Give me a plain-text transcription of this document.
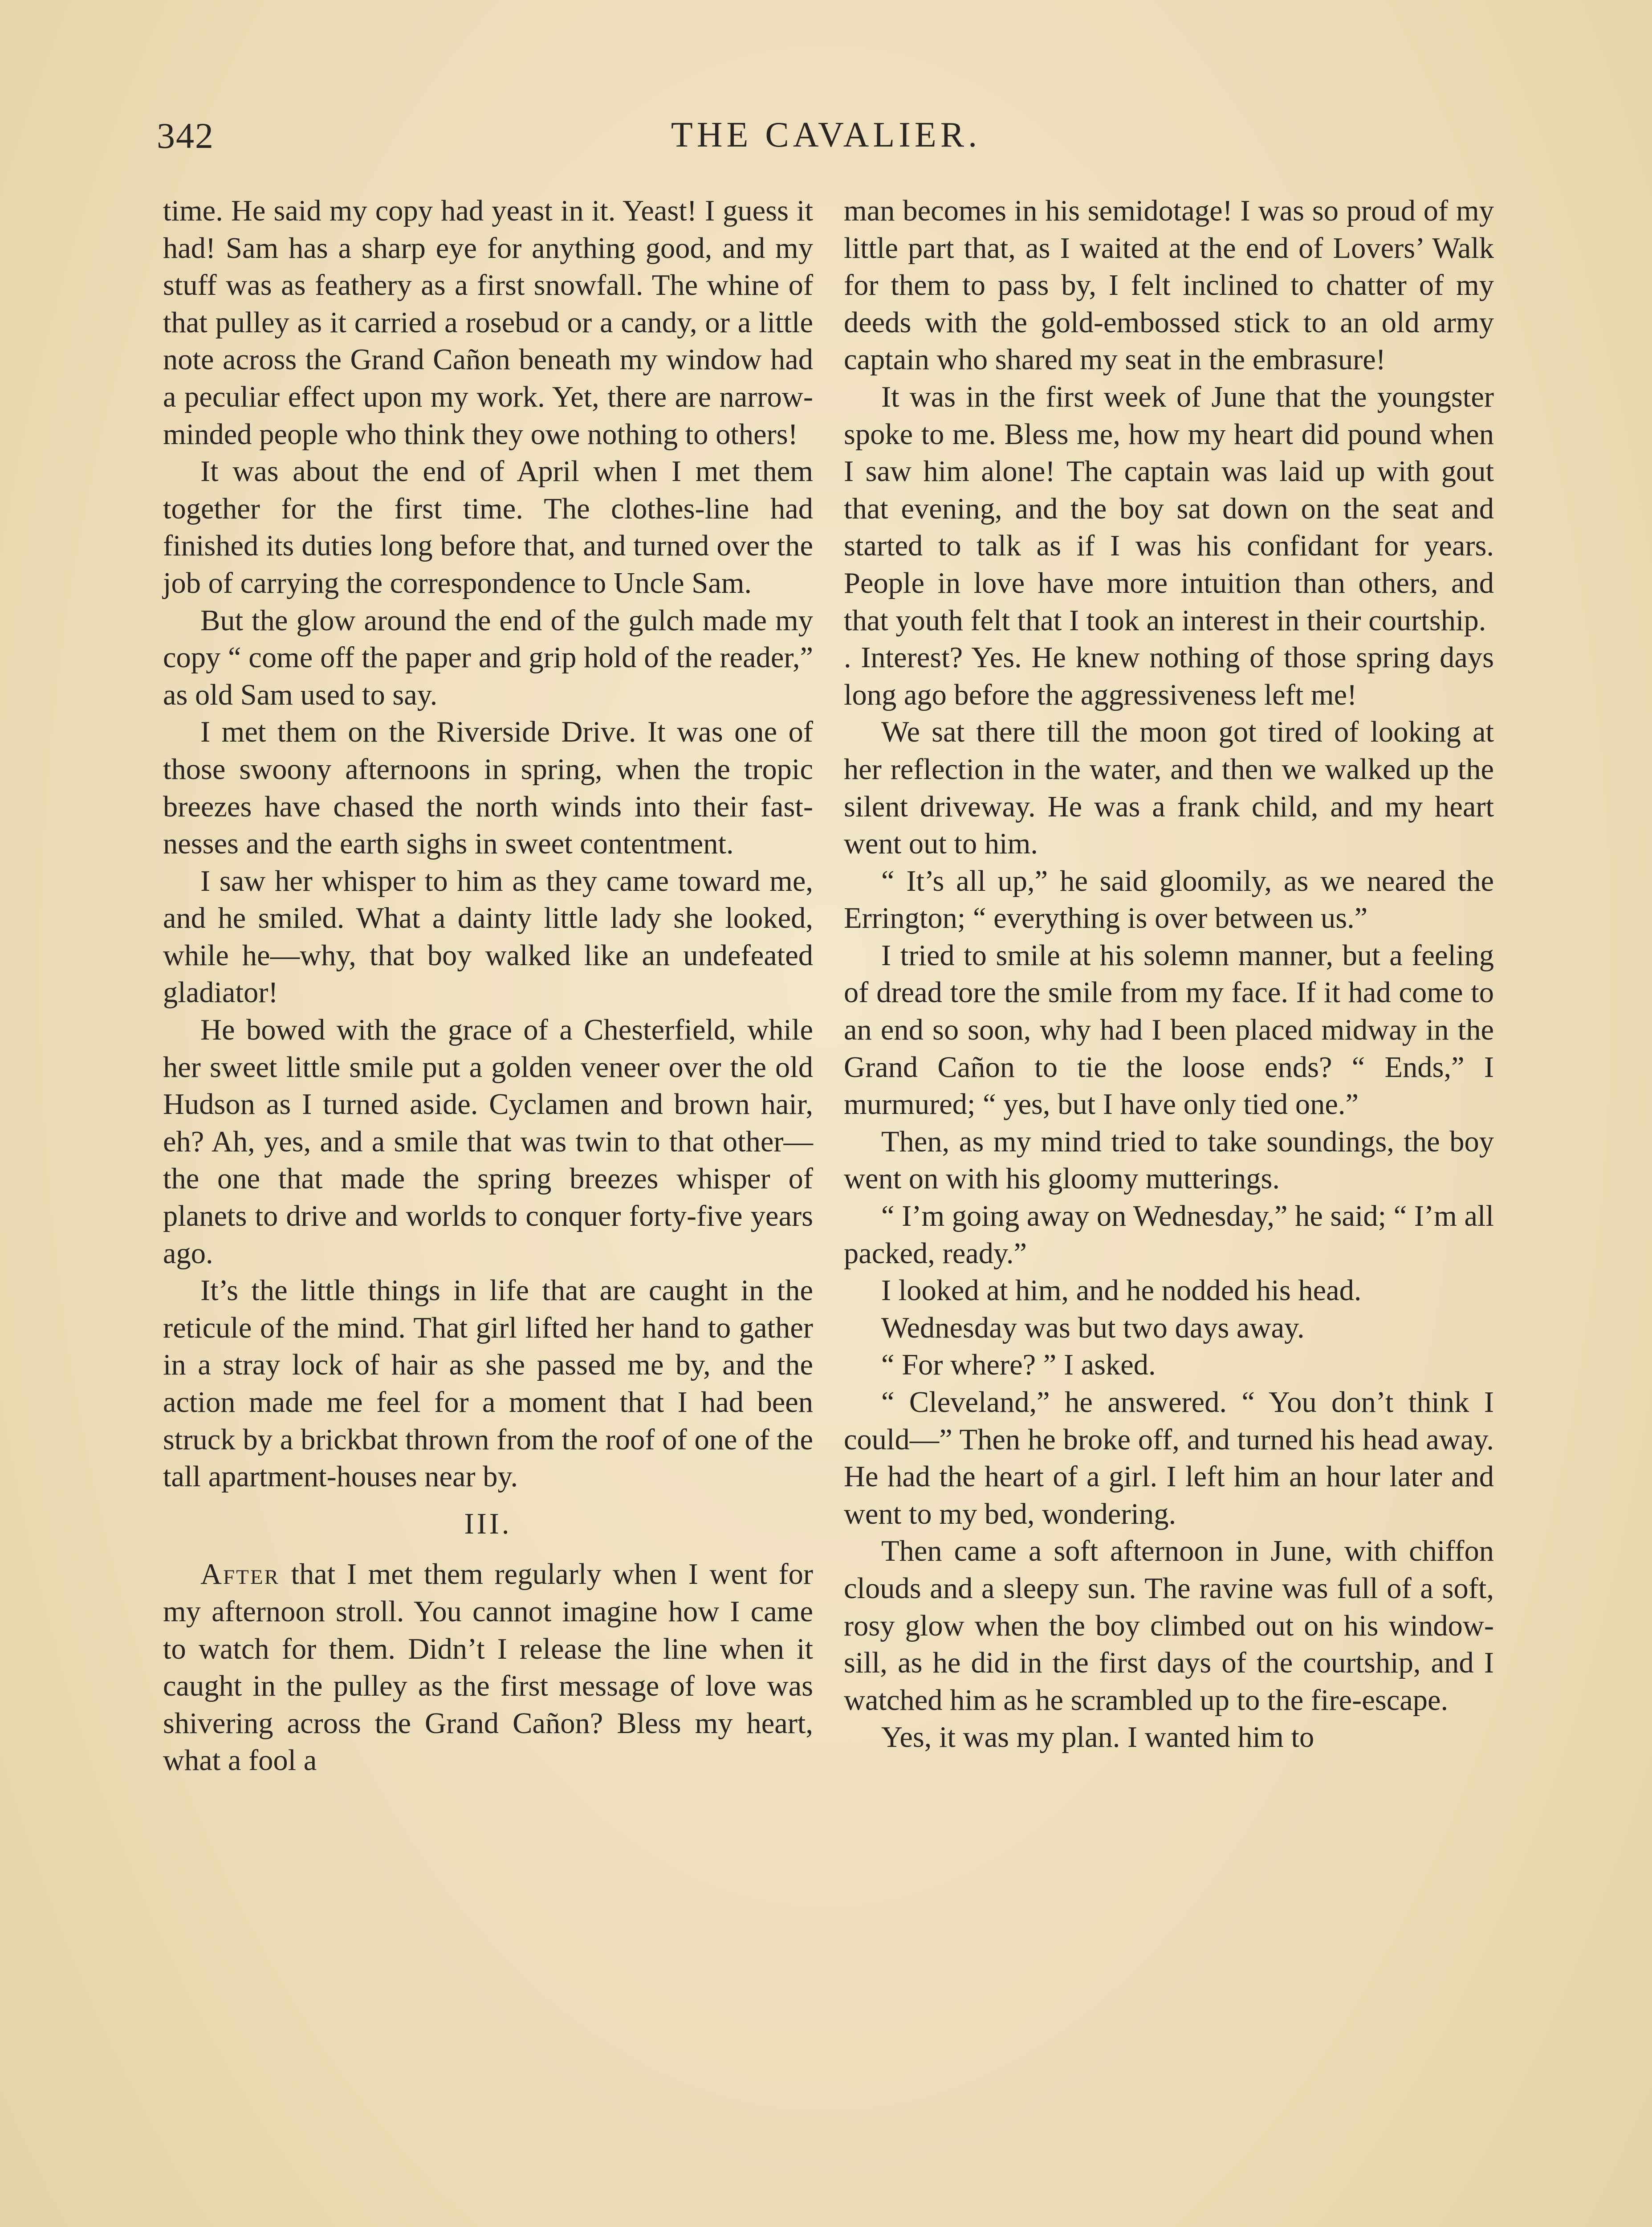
342	THE CAVALIER.

time. He said my copy had yeast in it. Yeast! I guess it had! Sam has a sharp eye for anything good, and my stuff was as feathery as a first snowfall. The whine of that pulley as it carried a rosebud or a candy, or a little note across the Grand Cañon beneath my window had a peculiar effect upon my work. Yet, there are narrow-minded people who think they owe nothing to others!

It was about the end of April when I met them together for the first time. The clothes-line had finished its duties long before that, and turned over the job of carrying the correspondence to Uncle Sam.

But the glow around the end of the gulch made my copy “ come off the paper and grip hold of the reader,” as old Sam used to say.

I met them on the Riverside Drive. It was one of those swoony afternoons in spring, when the tropic breezes have chased the north winds into their fastnesses and the earth sighs in sweet contentment.

I saw her whisper to him as they came toward me, and he smiled. What a dainty little lady she looked, while he—why, that boy walked like an undefeated gladiator!

He bowed with the grace of a Chesterfield, while her sweet little smile put a golden veneer over the old Hudson as I turned aside. Cyclamen and brown hair, eh? Ah, yes, and a smile that was twin to that other—the one that made the spring breezes whisper of planets to drive and worlds to conquer forty-five years ago.

It’s the little things in life that are caught in the reticule of the mind. That girl lifted her hand to gather in a stray lock of hair as she passed me by, and the action made me feel for a moment that I had been struck by a brickbat thrown from the roof of one of the tall apartment-houses near by.

III.

After that I met them regularly when I went for my afternoon stroll. You cannot imagine how I came to watch for them. Didn’t I release the line when it caught in the pulley as the first message of love was shivering across the Grand Cañon? Bless my heart, what a fool a

man becomes in his semidotage! I was so proud of my little part that, as I waited at the end of Lovers’ Walk for them to pass by, I felt inclined to chatter of my deeds with the gold-embossed stick to an old army captain who shared my seat in the embrasure!

It was in the first week of June that the youngster spoke to me. Bless me, how my heart did pound when I saw him alone! The captain was laid up with gout that evening, and the boy sat down on the seat and started to talk as if I was his confidant for years. People in love have more intuition than others, and that youth felt that I took an interest in their courtship.

. Interest? Yes. He knew nothing of those spring days long ago before the aggressiveness left me!

We sat there till the moon got tired of looking at her reflection in the water, and then we walked up the silent driveway. He was a frank child, and my heart went out to him.

“ It’s all up,” he said gloomily, as we neared the Errington; “ everything is over between us.”

I tried to smile at his solemn manner, but a feeling of dread tore the smile from my face. If it had come to an end so soon, why had I been placed midway in the Grand Cañon to tie the loose ends? “ Ends,” I murmured; “ yes, but I have only tied one.”

Then, as my mind tried to take soundings, the boy went on with his gloomy mutterings.

“ I’m going away on Wednesday,” he said; “ I’m all packed, ready.”

I looked at him, and he nodded his head.

Wednesday was but two days away.

“ For where? ” I asked.

“ Cleveland,” he answered. “ You don’t think I could—” Then he broke off, and turned his head away. He had the heart of a girl. I left him an hour later and went to my bed, wondering.

Then came a soft afternoon in June, with chiffon clouds and a sleepy sun. The ravine was full of a soft, rosy glow when the boy climbed out on his window-sill, as he did in the first days of the courtship, and I watched him as he scrambled up to the fire-escape.

Yes, it was my plan. I wanted him to
